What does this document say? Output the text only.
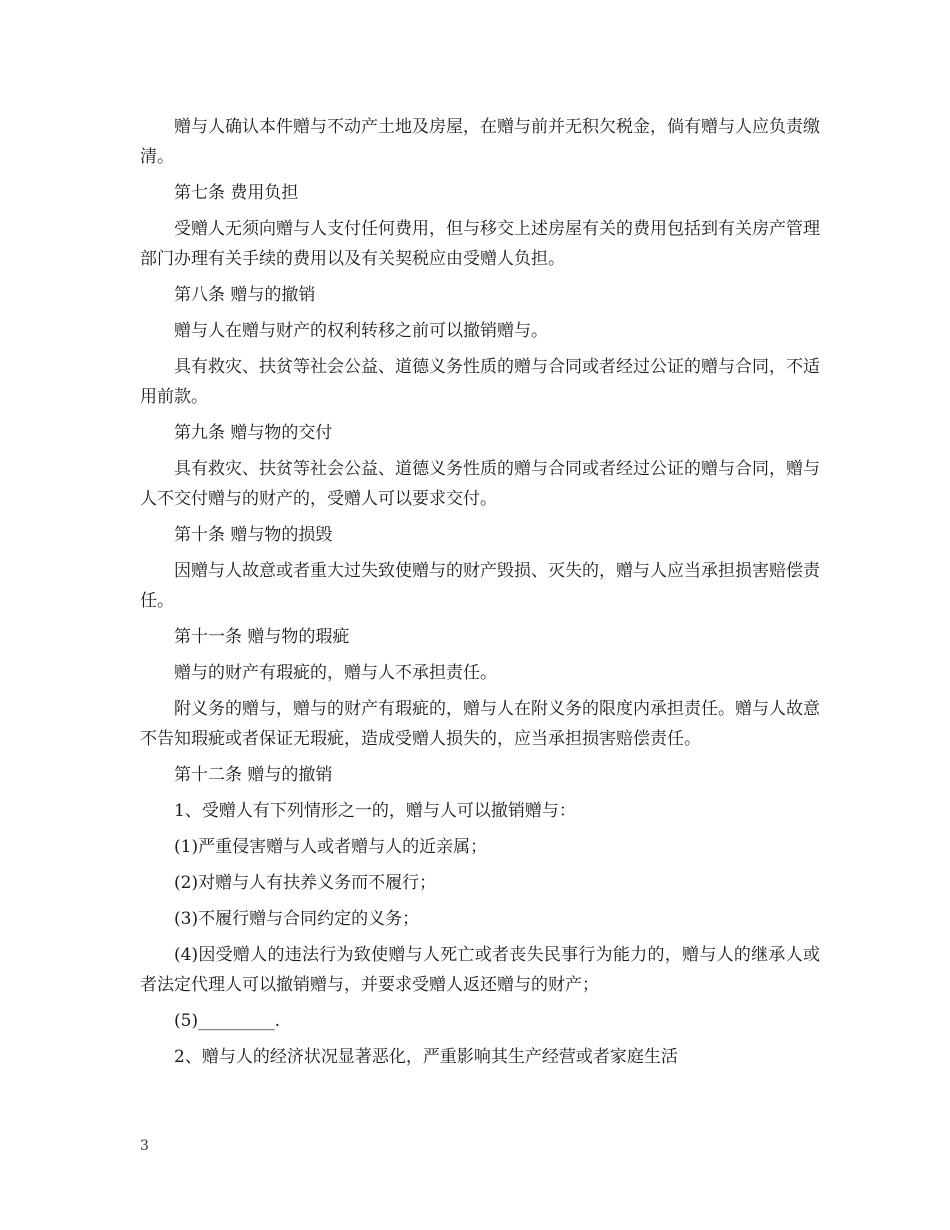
赠与人确认本件赠与不动产土地及房屋，在赠与前并无积欠税金，倘有赠与人应负责缴清。

第七条 费用负担

受赠人无须向赠与人支付任何费用，但与移交上述房屋有关的费用包括到有关房产管理部门办理有关手续的费用以及有关契税应由受赠人负担。

第八条 赠与的撤销

赠与人在赠与财产的权利转移之前可以撤销赠与。

具有救灾、扶贫等社会公益、道德义务性质的赠与合同或者经过公证的赠与合同，不适用前款。

第九条 赠与物的交付

具有救灾、扶贫等社会公益、道德义务性质的赠与合同或者经过公证的赠与合同，赠与人不交付赠与的财产的，受赠人可以要求交付。

第十条 赠与物的损毁

因赠与人故意或者重大过失致使赠与的财产毁损、灭失的，赠与人应当承担损害赔偿责任。

第十一条 赠与物的瑕疵

赠与的财产有瑕疵的，赠与人不承担责任。

附义务的赠与，赠与的财产有瑕疵的，赠与人在附义务的限度内承担责任。赠与人故意不告知瑕疵或者保证无瑕疵，造成受赠人损失的，应当承担损害赔偿责任。

第十二条 赠与的撤销

1、受赠人有下列情形之一的，赠与人可以撤销赠与：

(1)严重侵害赠与人或者赠与人的近亲属；

(2)对赠与人有扶养义务而不履行；

(3)不履行赠与合同约定的义务；

(4)因受赠人的违法行为致使赠与人死亡或者丧失民事行为能力的，赠与人的继承人或者法定代理人可以撤销赠与，并要求受赠人返还赠与的财产；

(5)_________.

2、赠与人的经济状况显著恶化，严重影响其生产经营或者家庭生活

3
